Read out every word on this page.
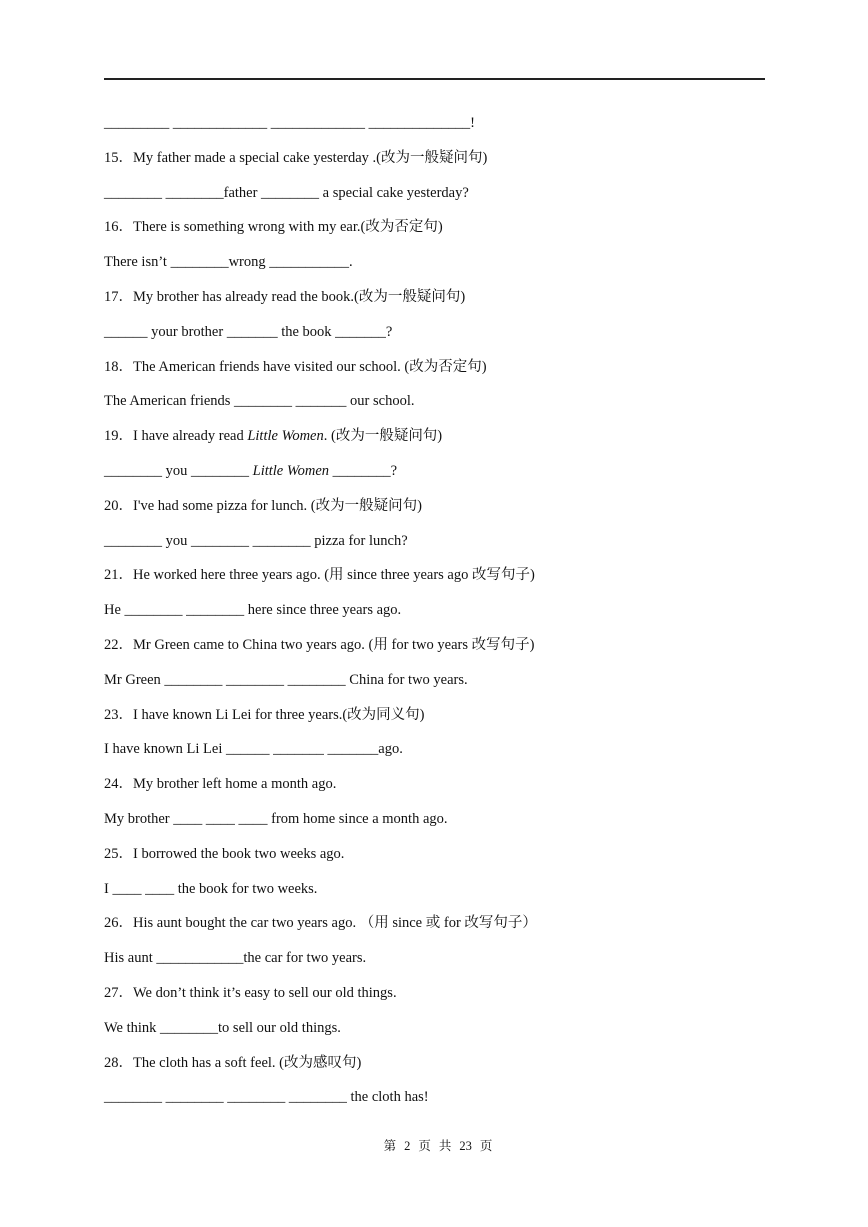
_________ _____________ _____________ ______________!
15．My father made a special cake yesterday .(改为一般疑问句)
________ ________father ________ a special cake yesterday?
16．There is something wrong with my ear.(改为否定句)
There isn’t ________wrong ___________.
17．My brother has already read the book.(改为一般疑问句)
______ your brother _______ the book _______?
18．The American friends have visited our school. (改为否定句)
The American friends ________ _______ our school.
19．I have already read Little Women. (改为一般疑问句)
________ you ________ Little Women ________?
20．I've had some pizza for lunch. (改为一般疑问句)
________ you ________ ________ pizza for lunch?
21．He worked here three years ago. (用 since three years ago 改写句子)
He ________ ________ here since three years ago.
22．Mr Green came to China two years ago. (用 for two years 改写句子)
Mr Green ________ ________ ________ China for two years.
23．I have known Li Lei for three years.(改为同义句)
I have known Li Lei ______ _______ _______ago.
24．My brother left home a month ago.
My brother ____ ____ ____ from home since a month ago.
25．I borrowed the book two weeks ago.
I ____ ____ the book for two weeks.
26．His aunt bought the car two years ago. （用 since 或 for 改写句子）
His aunt ____________the car for two years.
27．We don’t think it’s easy to sell our old things.
We think ________to sell our old things.
28．The cloth has a soft feel. (改为感叹句)
________ ________ ________ ________ the cloth has!
第 2 页 共 23 页
